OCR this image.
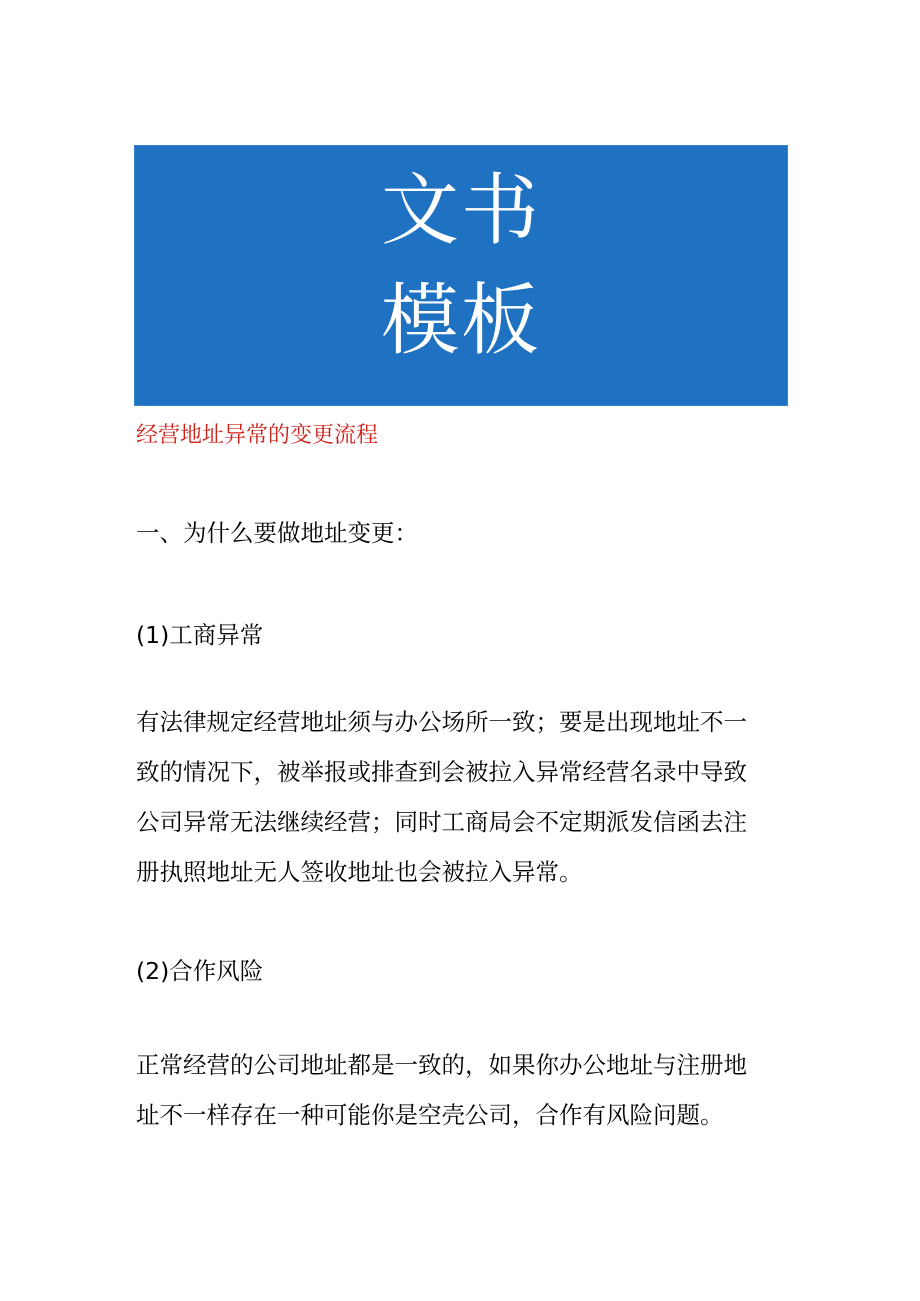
文书
模板
经营地址异常的变更流程
一、为什么要做地址变更：
(1)工商异常
有法律规定经营地址须与办公场所一致；要是出现地址不一
致的情况下，被举报或排查到会被拉入异常经营名录中导致
公司异常无法继续经营；同时工商局会不定期派发信函去注
册执照地址无人签收地址也会被拉入异常。
(2)合作风险
正常经营的公司地址都是一致的，如果你办公地址与注册地
址不一样存在一种可能你是空壳公司，合作有风险问题。
